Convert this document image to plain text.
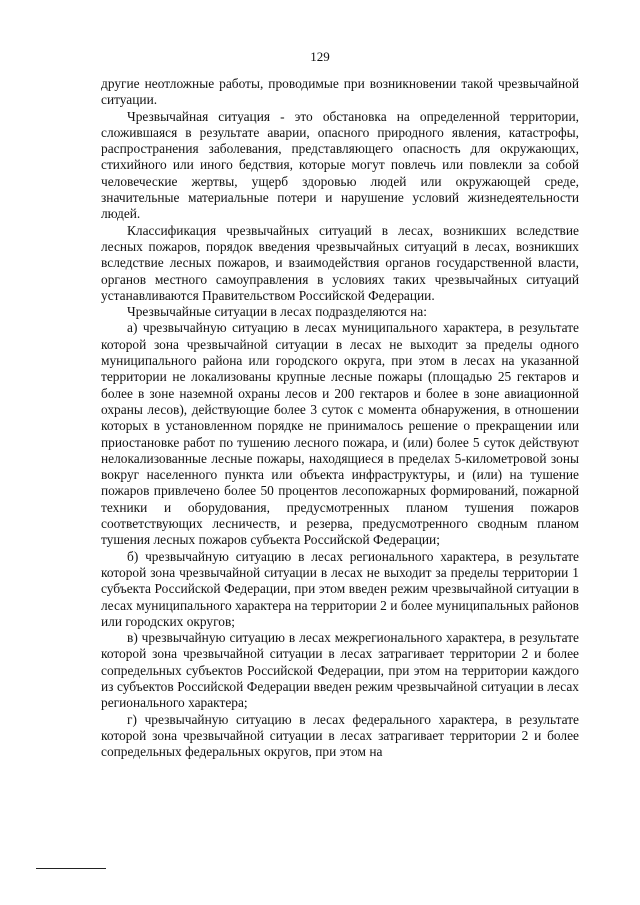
129

другие неотложные работы, проводимые при возникновении такой чрезвычайной ситуации.

Чрезвычайная ситуация - это обстановка на определенной территории, сложившаяся в результате аварии, опасного природного явления, катастрофы, распространения заболевания, представляющего опасность для окружающих, стихийного или иного бедствия, которые могут повлечь или повлекли за собой человеческие жертвы, ущерб здоровью людей или окружающей среде, значительные материальные потери и нарушение условий жизнедеятельности людей.

Классификация чрезвычайных ситуаций в лесах, возникших вследствие лесных пожаров, порядок введения чрезвычайных ситуаций в лесах, возникших вследствие лесных пожаров, и взаимодействия органов государственной власти, органов местного самоуправления в условиях таких чрезвычайных ситуаций устанавливаются Правительством Российской Федерации.

Чрезвычайные ситуации в лесах подразделяются на:

а) чрезвычайную ситуацию в лесах муниципального характера, в результате которой зона чрезвычайной ситуации в лесах не выходит за пределы одного муниципального района или городского округа, при этом в лесах на указанной территории не локализованы крупные лесные пожары (площадью 25 гектаров и более в зоне наземной охраны лесов и 200 гектаров и более в зоне авиационной охраны лесов), действующие более 3 суток с момента обнаружения, в отношении которых в установленном порядке не принималось решение о прекращении или приостановке работ по тушению лесного пожара, и (или) более 5 суток действуют нелокализованные лесные пожары, находящиеся в пределах 5-километровой зоны вокруг населенного пункта или объекта инфраструктуры, и (или) на тушение пожаров привлечено более 50 процентов лесопожарных формирований, пожарной техники и оборудования, предусмотренных планом тушения пожаров соответствующих лесничеств, и резерва, предусмотренного сводным планом тушения лесных пожаров субъекта Российской Федерации;

б) чрезвычайную ситуацию в лесах регионального характера, в результате которой зона чрезвычайной ситуации в лесах не выходит за пределы территории 1 субъекта Российской Федерации, при этом введен режим чрезвычайной ситуации в лесах муниципального характера на территории 2 и более муниципальных районов или городских округов;

в) чрезвычайную ситуацию в лесах межрегионального характера, в результате которой зона чрезвычайной ситуации в лесах затрагивает территории 2 и более сопредельных субъектов Российской Федерации, при этом на территории каждого из субъектов Российской Федерации введен режим чрезвычайной ситуации в лесах регионального характера;

г) чрезвычайную ситуацию в лесах федерального характера, в результате которой зона чрезвычайной ситуации в лесах затрагивает территории 2 и более сопредельных федеральных округов, при этом на
